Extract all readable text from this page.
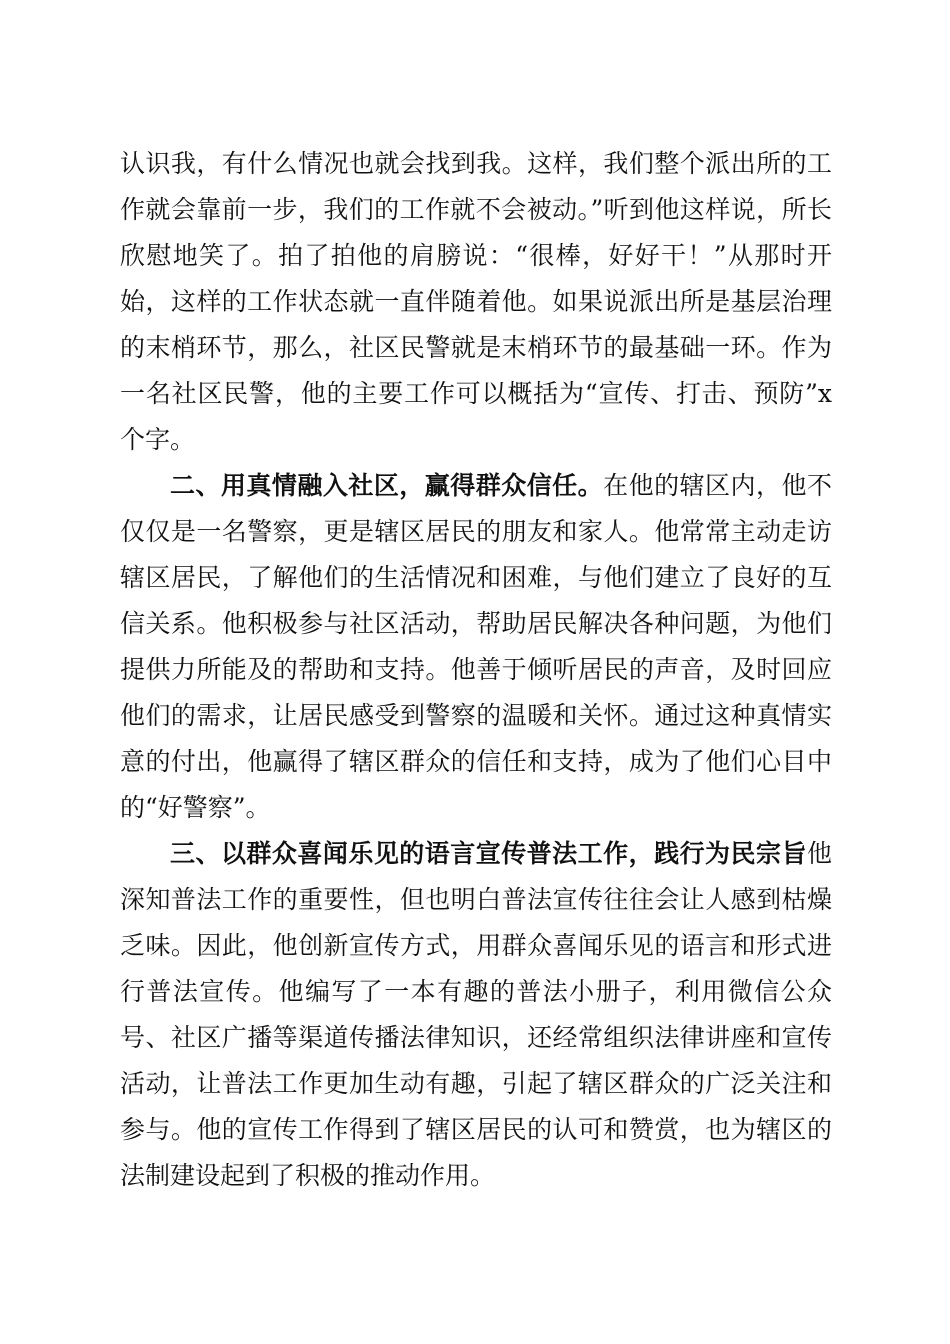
认识我，有什么情况也就会找到我。这样，我们整个派出所的工作就会靠前一步，我们的工作就不会被动。”听到他这样说，所长欣慰地笑了。拍了拍他的肩膀说：“很棒，好好干！”从那时开始，这样的工作状态就一直伴随着他。如果说派出所是基层治理的末梢环节，那么，社区民警就是末梢环节的最基础一环。作为一名社区民警，他的主要工作可以概括为“宣传、打击、预防”x个字。

二、用真情融入社区，赢得群众信任。在他的辖区内，他不仅仅是一名警察，更是辖区居民的朋友和家人。他常常主动走访辖区居民，了解他们的生活情况和困难，与他们建立了良好的互信关系。他积极参与社区活动，帮助居民解决各种问题，为他们提供力所能及的帮助和支持。他善于倾听居民的声音，及时回应他们的需求，让居民感受到警察的温暖和关怀。通过这种真情实意的付出，他赢得了辖区群众的信任和支持，成为了他们心目中的“好警察”。

三、以群众喜闻乐见的语言宣传普法工作，践行为民宗旨他深知普法工作的重要性，但也明白普法宣传往往会让人感到枯燥乏味。因此，他创新宣传方式，用群众喜闻乐见的语言和形式进行普法宣传。他编写了一本有趣的普法小册子，利用微信公众号、社区广播等渠道传播法律知识，还经常组织法律讲座和宣传活动，让普法工作更加生动有趣，引起了辖区群众的广泛关注和参与。他的宣传工作得到了辖区居民的认可和赞赏，也为辖区的法制建设起到了积极的推动作用。
